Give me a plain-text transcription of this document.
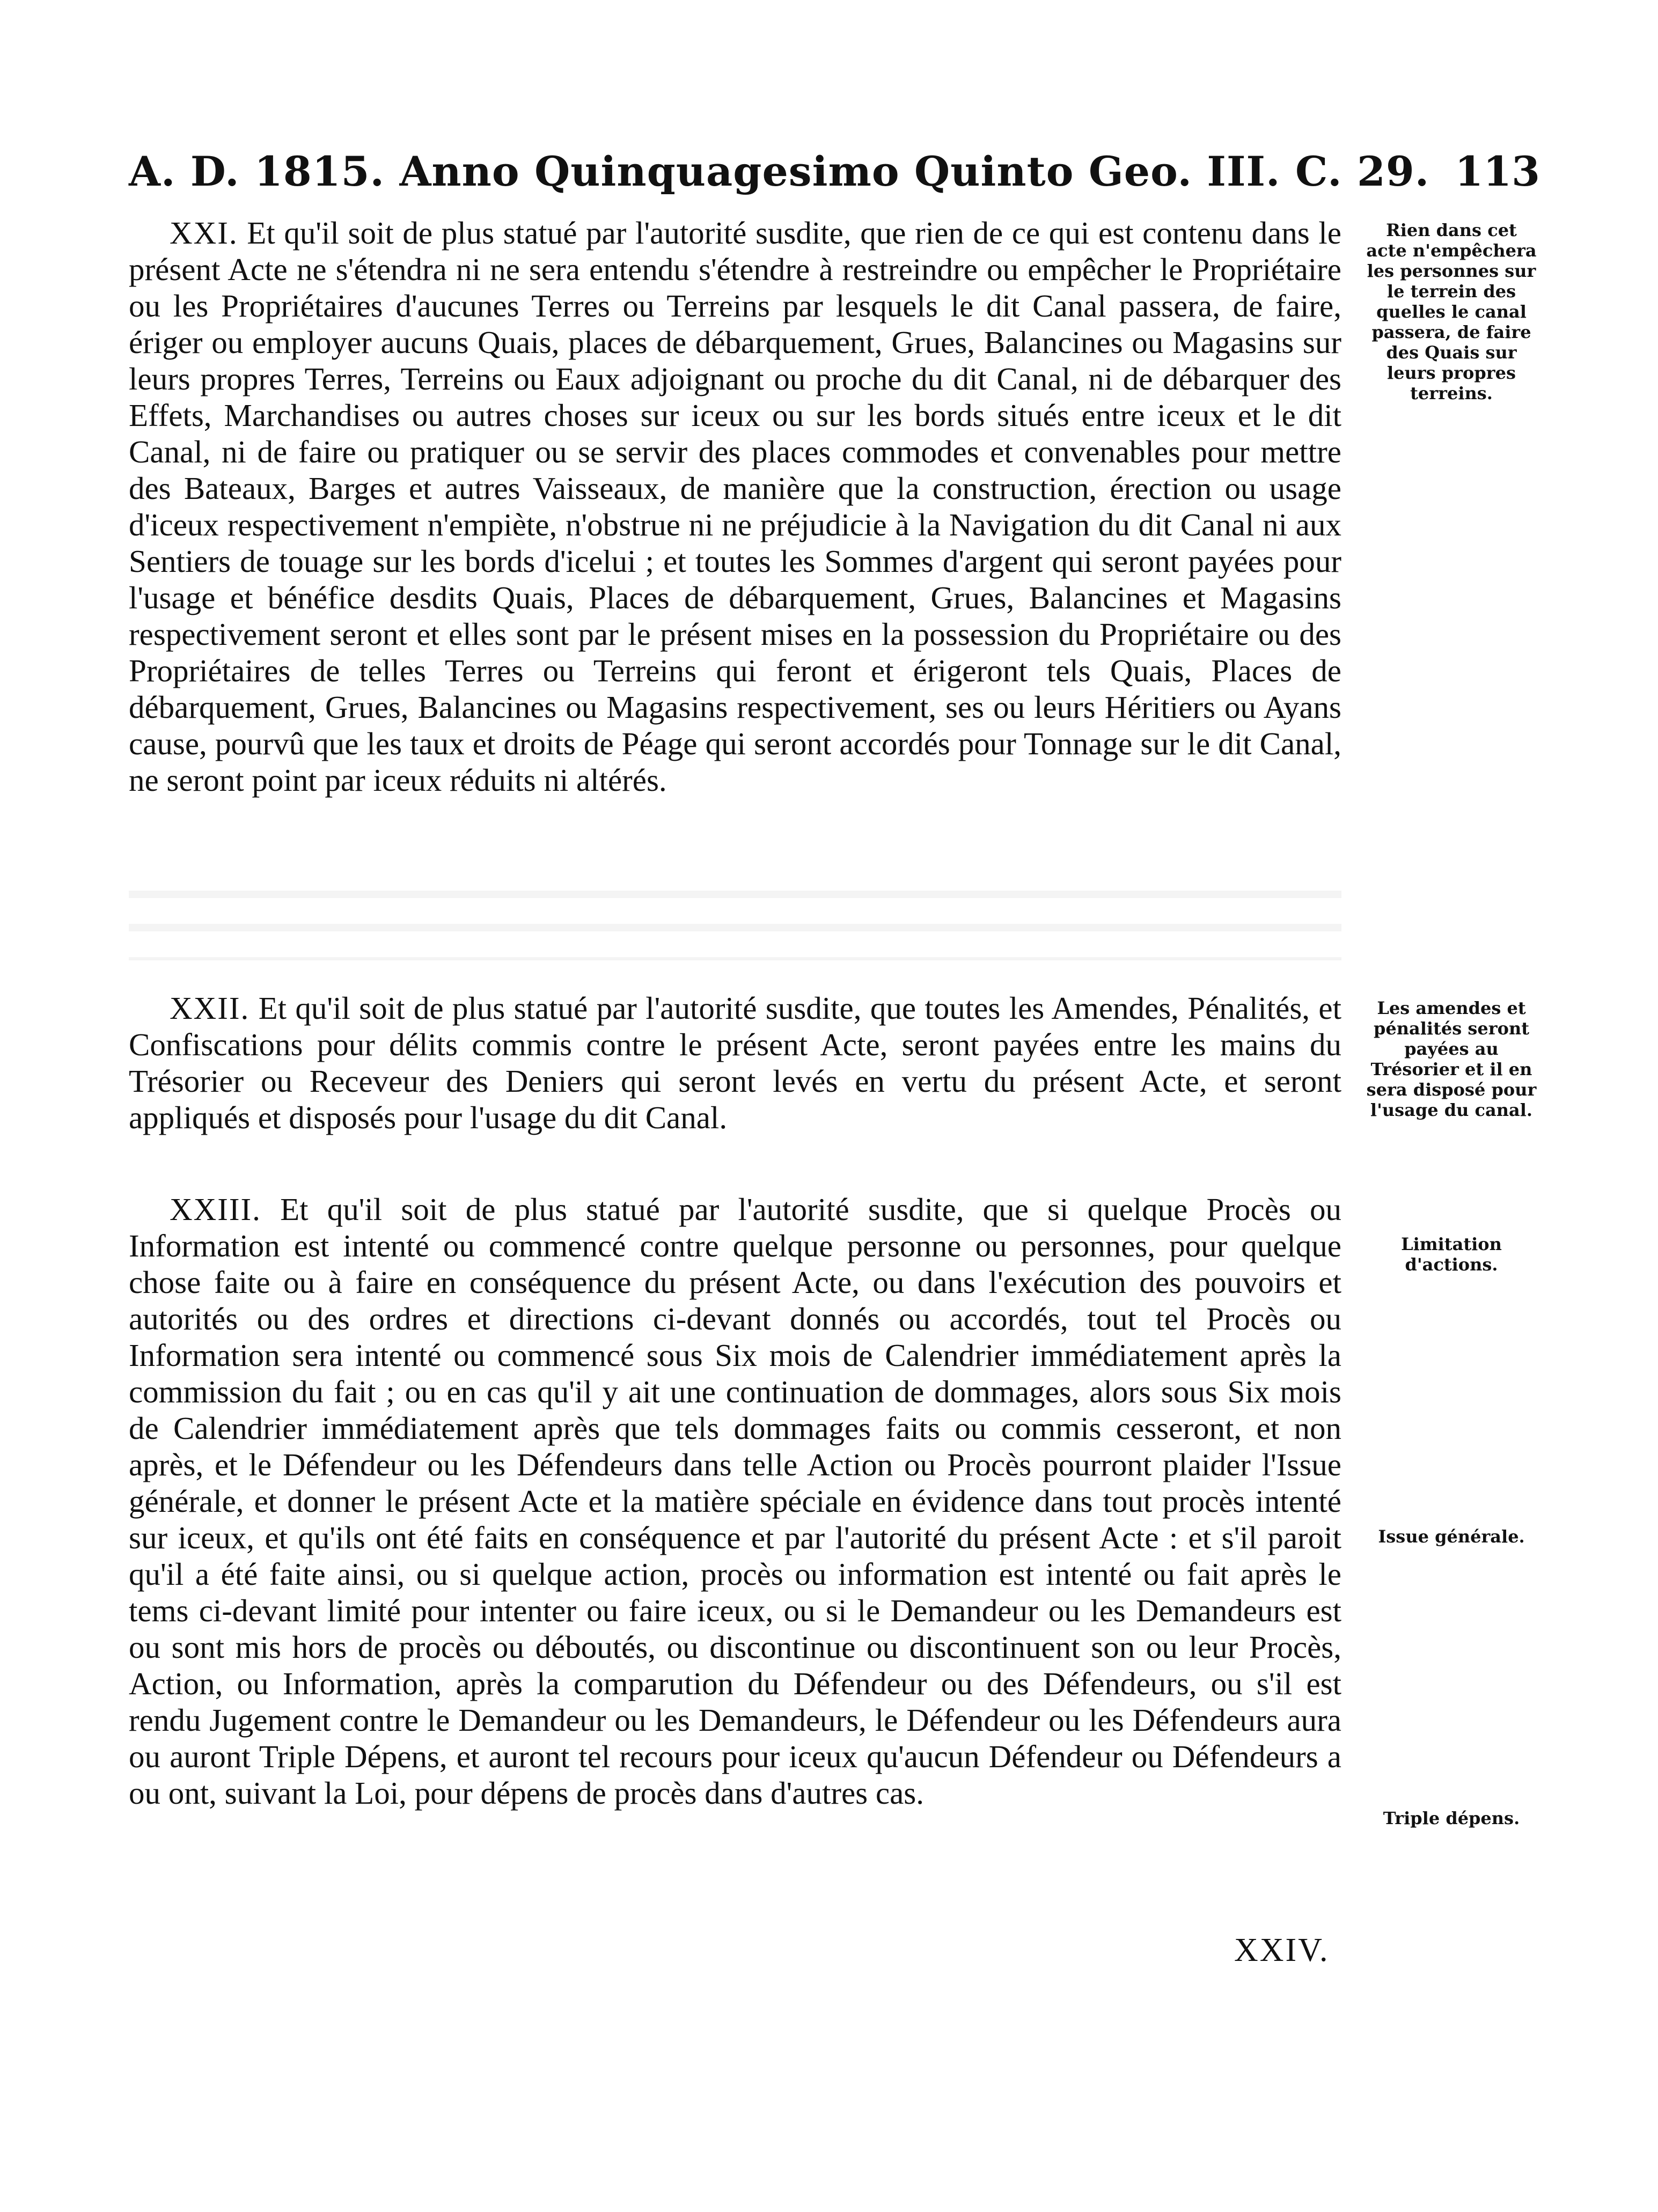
A. D. 1815. Anno Quinquagesimo Quinto Geo. III. C. 29. 113

XXI. Et qu'il soit de plus statué par l'autorité susdite, que rien de ce qui est contenu dans le présent Acte ne s'étendra ni ne sera entendu s'étendre à restreindre ou empêcher le Propriétaire ou les Propriétaires d'aucunes Terres ou Terreins par lesquels le dit Canal passera, de faire, ériger ou employer aucuns Quais, places de débarquement, Grues, Balancines ou Magasins sur leurs propres Terres, Terreins ou Eaux adjoignant ou proche du dit Canal, ni de débarquer des Effets, Marchandises ou autres choses sur iceux ou sur les bords situés entre iceux et le dit Canal, ni de faire ou pratiquer ou se servir des places commodes et convenables pour mettre des Bateaux, Barges et autres Vaisseaux, de manière que la construction, érection ou usage d'iceux respectivement n'empiète, n'obstrue ni ne préjudicie à la Navigation du dit Canal ni aux Sentiers de touage sur les bords d'icelui ; et toutes les Sommes d'argent qui seront payées pour l'usage et bénéfice desdits Quais, Places de débarquement, Grues, Balancines et Magasins respectivement seront et elles sont par le présent mises en la possession du Propriétaire ou des Propriétaires de telles Terres ou Terreins qui feront et érigeront tels Quais, Places de débarquement, Grues, Balancines ou Magasins respectivement, ses ou leurs Héritiers ou Ayans cause, pourvû que les taux et droits de Péage qui seront accordés pour Tonnage sur le dit Canal, ne seront point par iceux réduits ni altérés.

XXII. Et qu'il soit de plus statué par l'autorité susdite, que toutes les Amendes, Pénalités, et Confiscations pour délits commis contre le présent Acte, seront payées entre les mains du Trésorier ou Receveur des Deniers qui seront levés en vertu du présent Acte, et seront appliqués et disposés pour l'usage du dit Canal.

XXIII. Et qu'il soit de plus statué par l'autorité susdite, que si quelque Procès ou Information est intenté ou commencé contre quelque personne ou personnes, pour quelque chose faite ou à faire en conséquence du présent Acte, ou dans l'exécution des pouvoirs et autorités ou des ordres et directions ci-devant donnés ou accordés, tout tel Procès ou Information sera intenté ou commencé sous Six mois de Calendrier immédiatement après la commission du fait ; ou en cas qu'il y ait une continuation de dommages, alors sous Six mois de Calendrier immédiatement après que tels dommages faits ou commis cesseront, et non après, et le Défendeur ou les Défendeurs dans telle Action ou Procès pourront plaider l'Issue générale, et donner le présent Acte et la matière spéciale en évidence dans tout procès intenté sur iceux, et qu'ils ont été faits en conséquence et par l'autorité du présent Acte : et s'il paroit qu'il a été faite ainsi, ou si quelque action, procès ou information est intenté ou fait après le tems ci-devant limité pour intenter ou faire iceux, ou si le Demandeur ou les Demandeurs est ou sont mis hors de procès ou déboutés, ou discontinue ou discontinuent son ou leur Procès, Action, ou Information, après la comparution du Défendeur ou des Défendeurs, ou s'il est rendu Jugement contre le Demandeur ou les Demandeurs, le Défendeur ou les Défendeurs aura ou auront Triple Dépens, et auront tel recours pour iceux qu'aucun Défendeur ou Défendeurs a ou ont, suivant la Loi, pour dépens de procès dans d'autres cas.

Rien dans cet acte n'empêchera les personnes sur le terrein des quelles le canal passera, de faire des Quais sur leurs propres terreins.
Les amendes et pénalités seront payées au Trésorier et il en sera disposé pour l'usage du canal.
Limitation d'actions.
Issue générale.
Triple dépens.
XXIV.
